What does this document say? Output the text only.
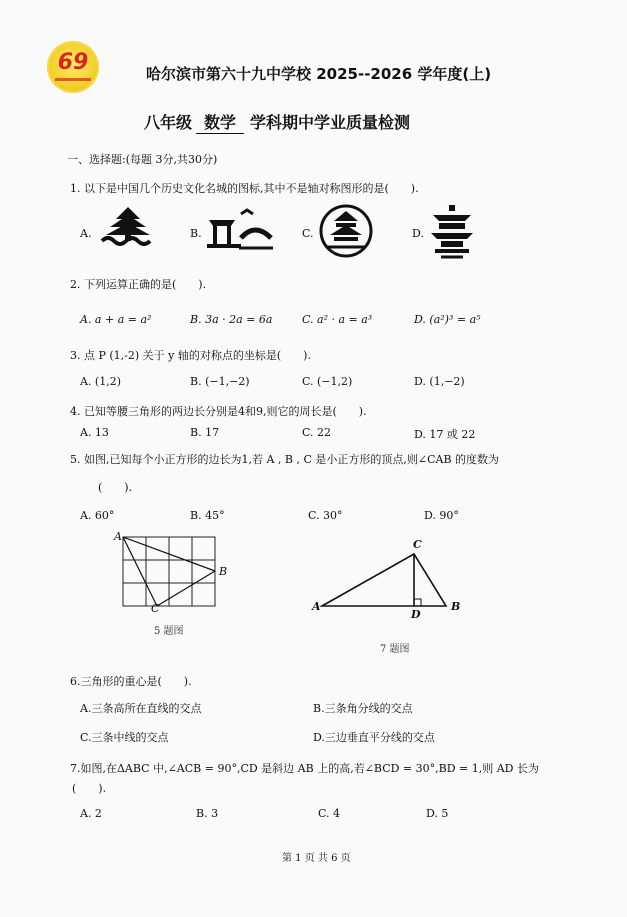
69	哈尔滨市第六十九中学校 2025--2026 学年度(上)
八年级 数学 学科期中学业质量检测
一、选择题:(每题 3分,共30分)
1. 以下是中国几个历史文化名城的图标,其中不是轴对称图形的是(　　).
A.	B.	C.	D.
2. 下列运算正确的是(　　).
A. a + a = a²	B. 3a · 2a = 6a	C. a² · a = a³	D. (a²)³ = a⁵
3. 点 P (1,-2) 关于 y 轴的对称点的坐标是(　　).
A. (1,2)	B. (−1,−2)	C. (−1,2)	D. (1,−2)
4. 已知等腰三角形的两边长分别是4和9,则它的周长是(　　).
A. 13	B. 17	C. 22	D. 17 或 22
5. 如图,已知每个小正方形的边长为1,若 A , B , C 是小正方形的顶点,则∠CAB 的度数为
(　　).
A. 60°	B. 45°	C. 30°	D. 90°
A
B
C
5 题图
A	B
C
D
7 题图
6.三角形的重心是(　　).
A.三条高所在直线的交点	B.三条角分线的交点
C.三条中线的交点	D.三边垂直平分线的交点
7.如图,在ΔABC 中,∠ACB = 90°,CD 是斜边 AB 上的高,若∠BCD = 30°,BD = 1,则 AD 长为
(　　).
A. 2	B. 3	C. 4	D. 5
第 1 页 共 6 页
